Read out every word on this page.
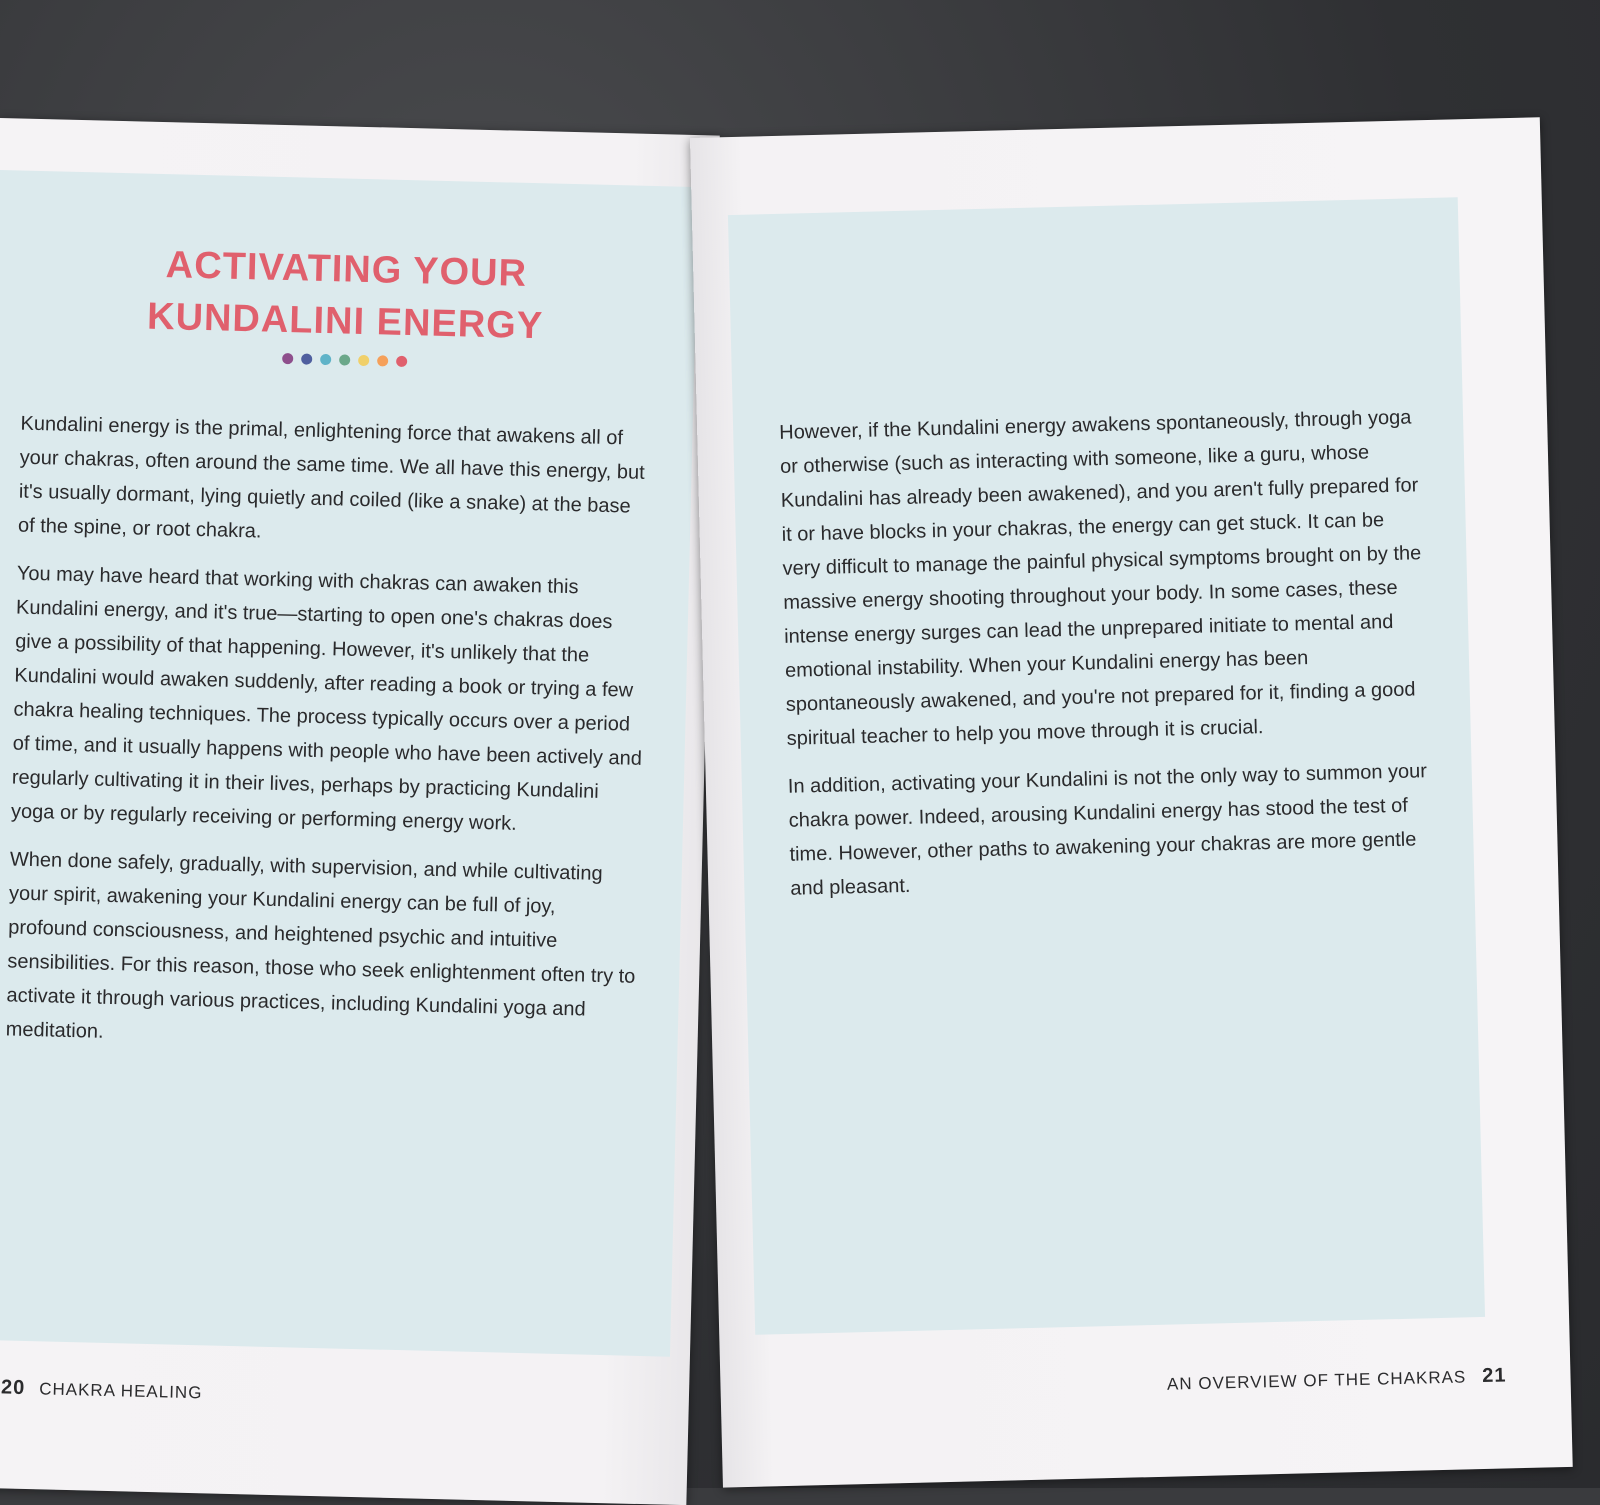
ACTIVATING YOUR
KUNDALINI ENERGY

Kundalini energy is the primal, enlightening force that awakens all of your chakras, often around the same time. We all have this energy, but it's usually dormant, lying quietly and coiled (like a snake) at the base of the spine, or root chakra.

You may have heard that working with chakras can awaken this Kundalini energy, and it's true—starting to open one's chakras does give a possibility of that happening. However, it's unlikely that the Kundalini would awaken suddenly, after reading a book or trying a few chakra healing techniques. The process typically occurs over a period of time, and it usually happens with people who have been actively and regularly cultivating it in their lives, perhaps by practicing Kundalini yoga or by regularly receiving or performing energy work.

When done safely, gradually, with supervision, and while cultivating your spirit, awakening your Kundalini energy can be full of joy, profound consciousness, and heightened psychic and intuitive sensibilities. For this reason, those who seek enlightenment often try to activate it through various practices, including Kundalini yoga and meditation.

20 CHAKRA HEALING

However, if the Kundalini energy awakens spontaneously, through yoga or otherwise (such as interacting with someone, like a guru, whose Kundalini has already been awakened), and you aren't fully prepared for it or have blocks in your chakras, the energy can get stuck. It can be very difficult to manage the painful physical symptoms brought on by the massive energy shooting throughout your body. In some cases, these intense energy surges can lead the unprepared initiate to mental and emotional instability. When your Kundalini energy has been spontaneously awakened, and you're not prepared for it, finding a good spiritual teacher to help you move through it is crucial.

In addition, activating your Kundalini is not the only way to summon your chakra power. Indeed, arousing Kundalini energy has stood the test of time. However, other paths to awakening your chakras are more gentle and pleasant.

AN OVERVIEW OF THE CHAKRAS 21
